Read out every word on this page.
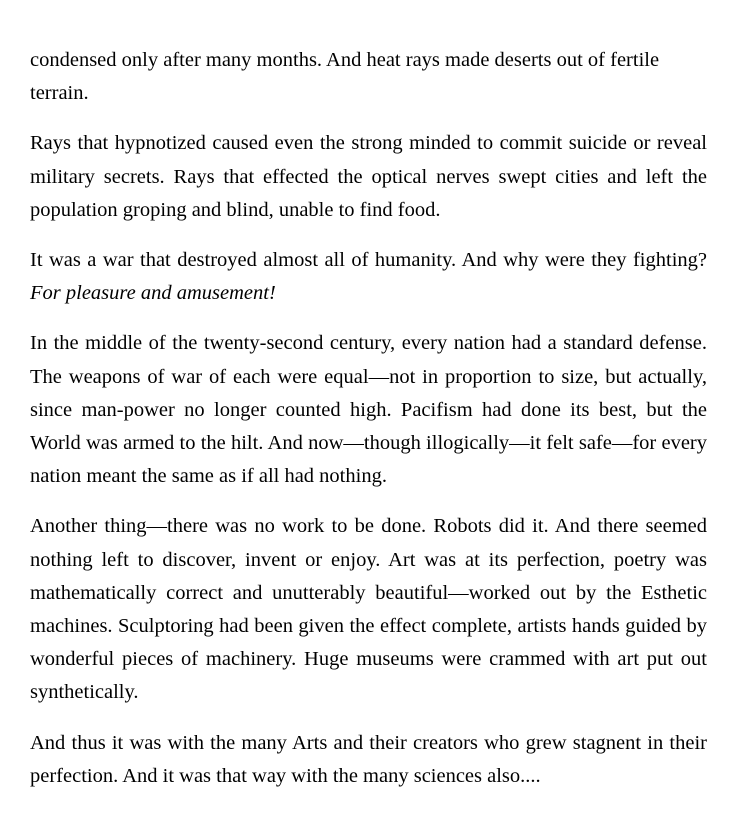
condensed only after many months. And heat rays made deserts out of fertile terrain.

Rays that hypnotized caused even the strong minded to commit suicide or reveal military secrets. Rays that effected the optical nerves swept cities and left the population groping and blind, unable to find food.

It was a war that destroyed almost all of humanity. And why were they fighting? For pleasure and amusement!

In the middle of the twenty-second century, every nation had a standard defense. The weapons of war of each were equal—not in proportion to size, but actually, since man-power no longer counted high. Pacifism had done its best, but the World was armed to the hilt. And now—though illogically—it felt safe—for every nation meant the same as if all had nothing.

Another thing—there was no work to be done. Robots did it. And there seemed nothing left to discover, invent or enjoy. Art was at its perfection, poetry was mathematically correct and unutterably beautiful—worked out by the Esthetic machines. Sculptoring had been given the effect complete, artists hands guided by wonderful pieces of machinery. Huge museums were crammed with art put out synthetically.

And thus it was with the many Arts and their creators who grew stagnent in their perfection. And it was that way with the many sciences also....
